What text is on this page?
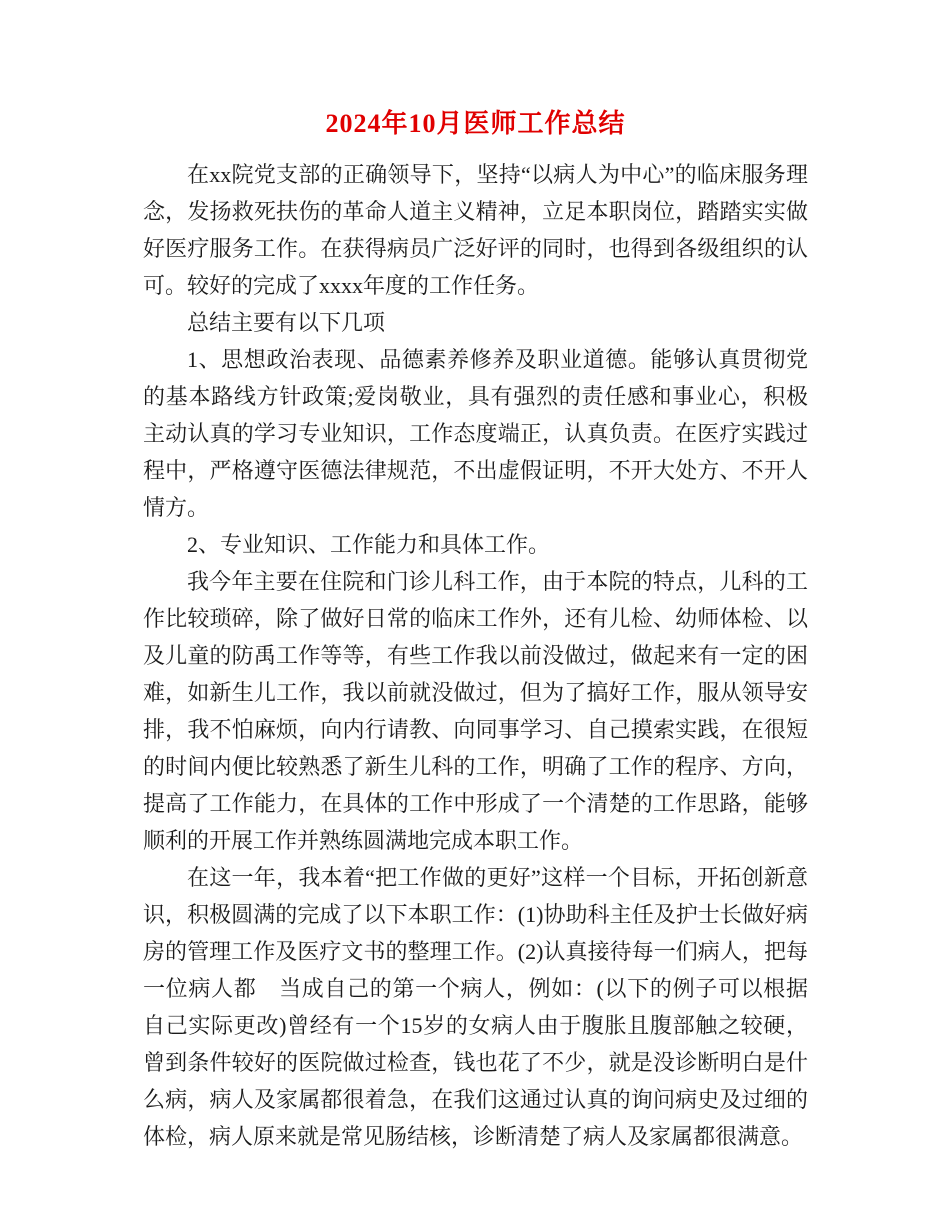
2024年10月医师工作总结

在xx院党支部的正确领导下，坚持“以病人为中心”的临床服务理念，发扬救死扶伤的革命人道主义精神，立足本职岗位，踏踏实实做好医疗服务工作。在获得病员广泛好评的同时，也得到各级组织的认可。较好的完成了xxxx年度的工作任务。

总结主要有以下几项

1、思想政治表现、品德素养修养及职业道德。能够认真贯彻党的基本路线方针政策;爱岗敬业，具有强烈的责任感和事业心，积极主动认真的学习专业知识，工作态度端正，认真负责。在医疗实践过程中，严格遵守医德法律规范，不出虚假证明，不开大处方、不开人情方。

2、专业知识、工作能力和具体工作。

我今年主要在住院和门诊儿科工作，由于本院的特点，儿科的工作比较琐碎，除了做好日常的临床工作外，还有儿检、幼师体检、以及儿童的防禹工作等等，有些工作我以前没做过，做起来有一定的困难，如新生儿工作，我以前就没做过，但为了搞好工作，服从领导安排，我不怕麻烦，向内行请教、向同事学习、自己摸索实践，在很短的时间内便比较熟悉了新生儿科的工作，明确了工作的程序、方向，提高了工作能力，在具体的工作中形成了一个清楚的工作思路，能够顺利的开展工作并熟练圆满地完成本职工作。

在这一年，我本着“把工作做的更好”这样一个目标，开拓创新意识，积极圆满的完成了以下本职工作：(1)协助科主任及护士长做好病房的管理工作及医疗文书的整理工作。(2)认真接待每一们病人，把每一位病人都　当成自己的第一个病人，例如：(以下的例子可以根据自己实际更改)曾经有一个15岁的女病人由于腹胀且腹部触之较硬，曾到条件较好的医院做过检查，钱也花了不少，就是没诊断明白是什么病，病人及家属都很着急，在我们这通过认真的询问病史及过细的体检，病人原来就是常见肠结核，诊断清楚了病人及家属都很满意。
